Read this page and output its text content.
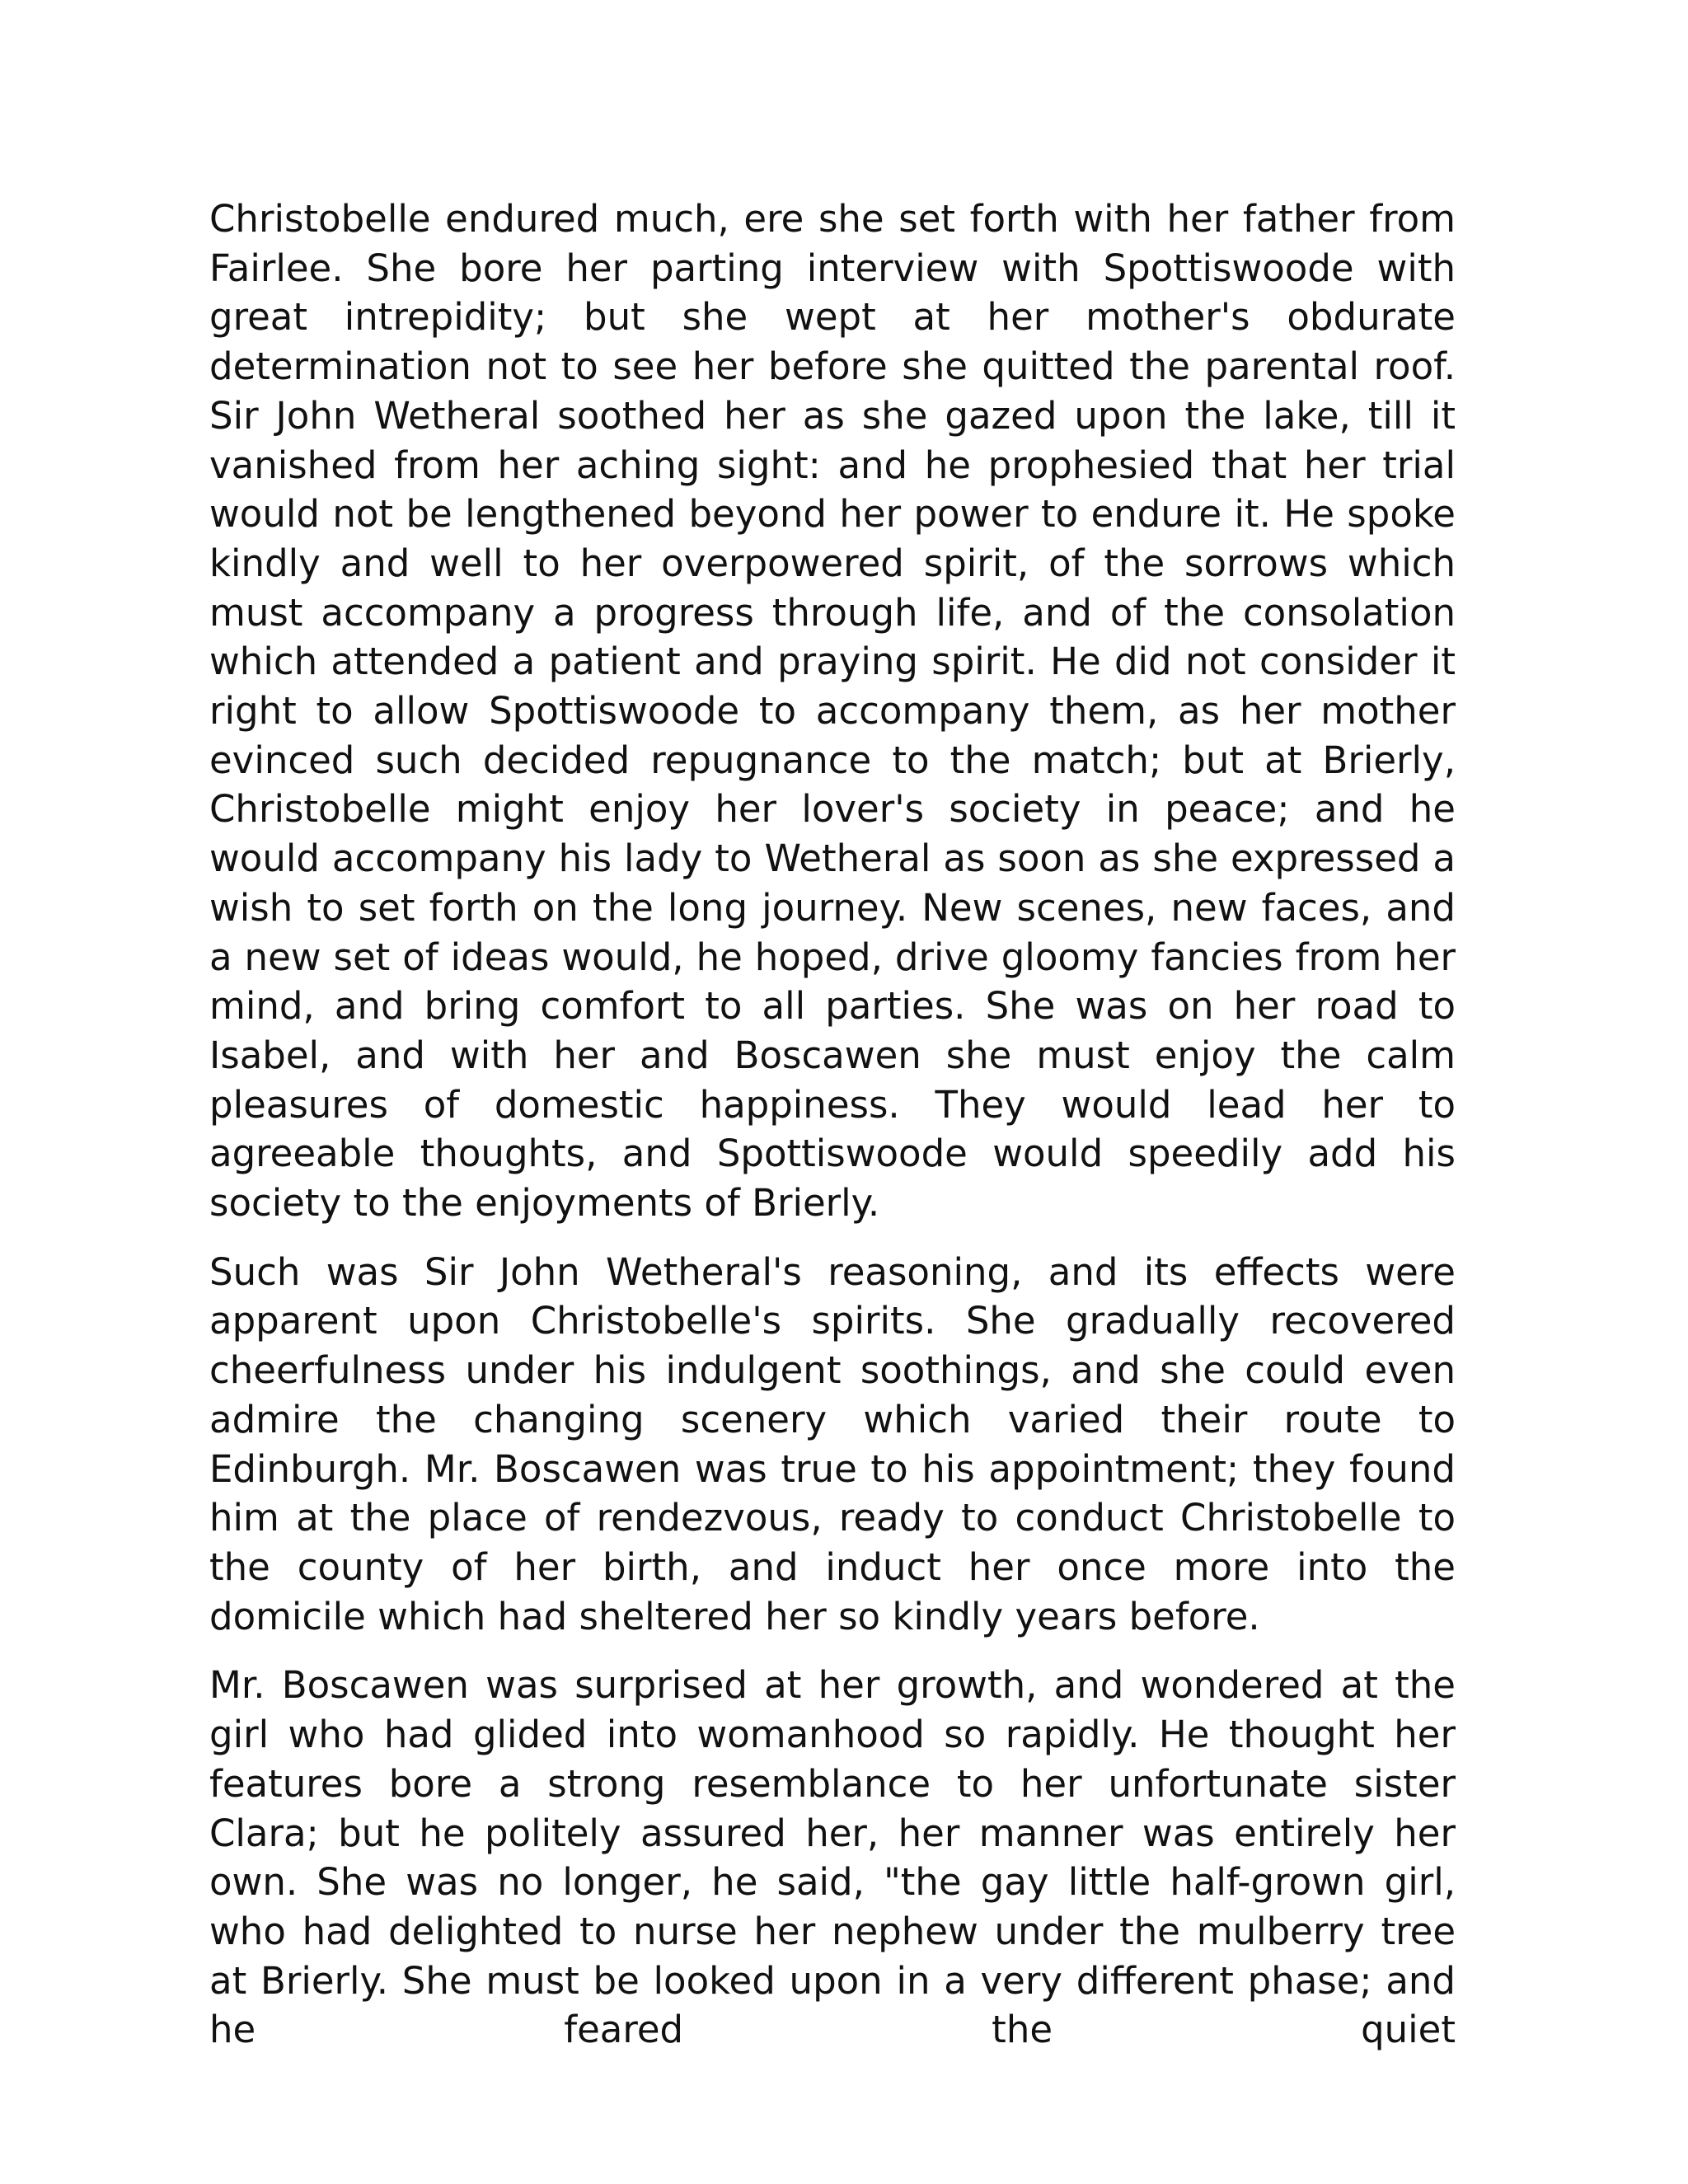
Christobelle endured much, ere she set forth with her father from Fairlee. She bore her parting interview with Spottiswoode with great intrepidity; but she wept at her mother's obdurate determination not to see her before she quitted the parental roof. Sir John Wetheral soothed her as she gazed upon the lake, till it vanished from her aching sight: and he prophesied that her trial would not be lengthened beyond her power to endure it. He spoke kindly and well to her overpowered spirit, of the sorrows which must accompany a progress through life, and of the consolation which attended a patient and praying spirit. He did not consider it right to allow Spottiswoode to accompany them, as her mother evinced such decided repugnance to the match; but at Brierly, Christobelle might enjoy her lover's society in peace; and he would accompany his lady to Wetheral as soon as she expressed a wish to set forth on the long journey. New scenes, new faces, and a new set of ideas would, he hoped, drive gloomy fancies from her mind, and bring comfort to all parties. She was on her road to Isabel, and with her and Boscawen she must enjoy the calm pleasures of domestic happiness. They would lead her to agreeable thoughts, and Spottiswoode would speedily add his society to the enjoyments of Brierly.

Such was Sir John Wetheral's reasoning, and its effects were apparent upon Christobelle's spirits. She gradually recovered cheerfulness under his indulgent soothings, and she could even admire the changing scenery which varied their route to Edinburgh. Mr. Boscawen was true to his appointment; they found him at the place of rendezvous, ready to conduct Christobelle to the county of her birth, and induct her once more into the domicile which had sheltered her so kindly years before.

Mr. Boscawen was surprised at her growth, and wondered at the girl who had glided into womanhood so rapidly. He thought her features bore a strong resemblance to her unfortunate sister Clara; but he politely assured her, her manner was entirely her own. She was no longer, he said, "the gay little half-grown girl, who had delighted to nurse her nephew under the mulberry tree at Brierly. She must be looked upon in a very different phase; and he feared the quiet
